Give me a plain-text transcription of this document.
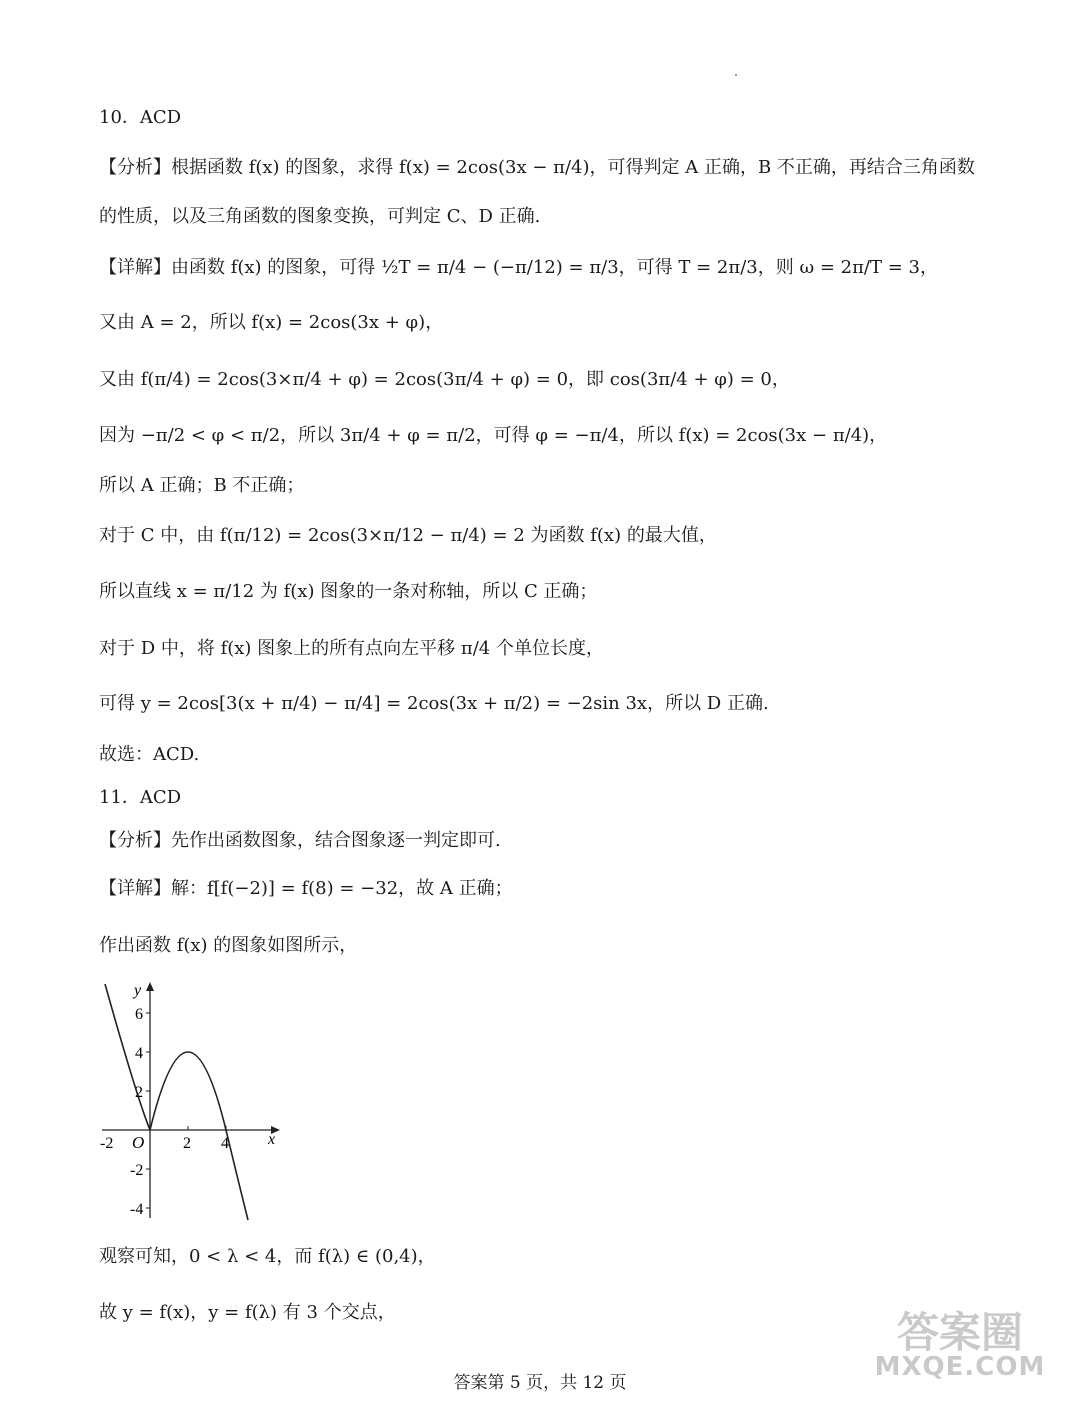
10．ACD
【分析】根据函数 f(x) 的图象，求得 f(x) = 2cos(3x − π/4)，可得判定 A 正确，B 不正确，再结合三角函数
的性质，以及三角函数的图象变换，可判定 C、D 正确.
【详解】由函数 f(x) 的图象，可得 ½T = π/4 − (−π/12) = π/3，可得 T = 2π/3，则 ω = 2π/T = 3，
又由 A = 2，所以 f(x) = 2cos(3x + φ)，
又由 f(π/4) = 2cos(3×π/4 + φ) = 2cos(3π/4 + φ) = 0，即 cos(3π/4 + φ) = 0，
因为 −π/2 < φ < π/2，所以 3π/4 + φ = π/2，可得 φ = −π/4，所以 f(x) = 2cos(3x − π/4)，
所以 A 正确；B 不正确；
对于 C 中，由 f(π/12) = 2cos(3×π/12 − π/4) = 2 为函数 f(x) 的最大值，
所以直线 x = π/12 为 f(x) 图象的一条对称轴，所以 C 正确；
对于 D 中，将 f(x) 图象上的所有点向左平移 π/4 个单位长度，
可得 y = 2cos[3(x + π/4) − π/4] = 2cos(3x + π/2) = −2sin 3x，所以 D 正确.
故选：ACD.
11．ACD
【分析】先作出函数图象，结合图象逐一判定即可.
【详解】解：f[f(−2)] = f(8) = −32，故 A 正确；
作出函数 f(x) 的图象如图所示，
y
x
O
-2	2 4
6
4
2
-2
-4
观察可知，0 < λ < 4，而 f(λ) ∈ (0,4)，
故 y = f(x)，y = f(λ) 有 3 个交点，	答案圈
MXQE.COM
答案第 5 页，共 12 页
